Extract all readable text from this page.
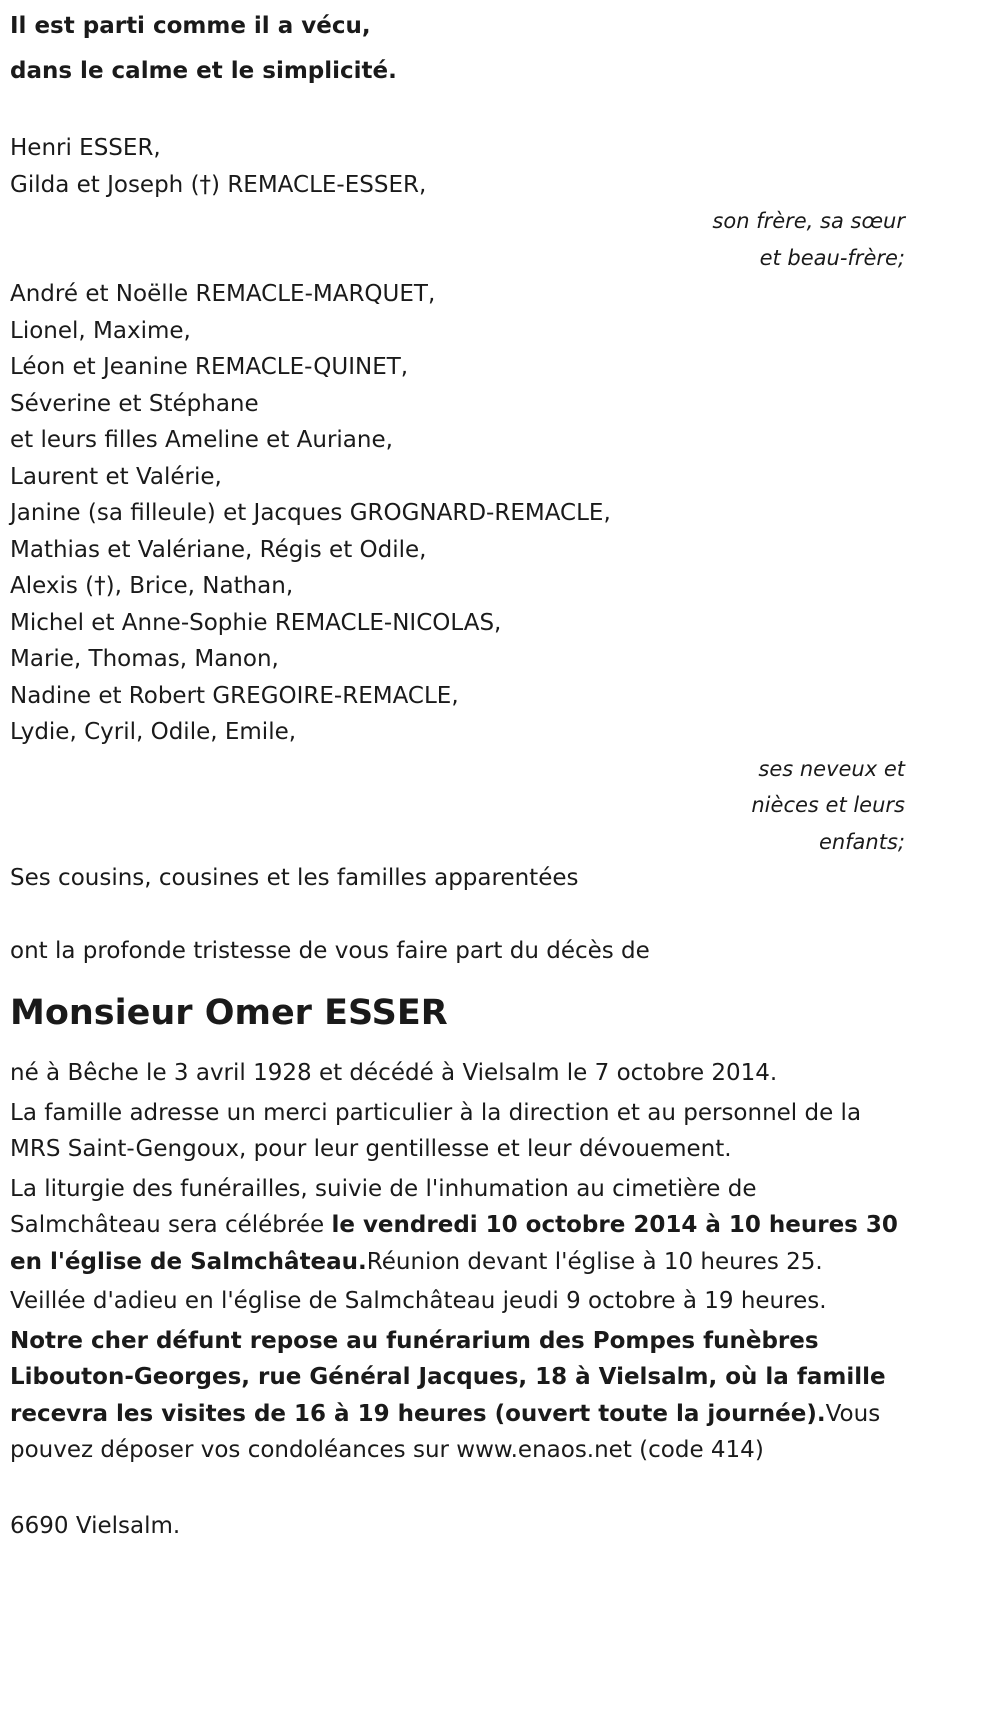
Il est parti comme il a vécu,
dans le calme et le simplicité.
Henri ESSER,
Gilda et Joseph (†) REMACLE-ESSER,
son frère, sa sœur
et beau-frère;
André et Noëlle REMACLE-MARQUET,
Lionel, Maxime,
Léon et Jeanine REMACLE-QUINET,
Séverine et Stéphane
et leurs filles Ameline et Auriane,
Laurent et Valérie,
Janine (sa filleule) et Jacques GROGNARD-REMACLE,
Mathias et Valériane, Régis et Odile,
Alexis (†), Brice, Nathan,
Michel et Anne-Sophie REMACLE-NICOLAS,
Marie, Thomas, Manon,
Nadine et Robert GREGOIRE-REMACLE,
Lydie, Cyril, Odile, Emile,
ses neveux et
nièces et leurs
enfants;
Ses cousins, cousines et les familles apparentées
ont la profonde tristesse de vous faire part du décès de
Monsieur Omer ESSER
né à Bêche le 3 avril 1928 et décédé à Vielsalm le 7 octobre 2014.
La famille adresse un merci particulier à la direction et au personnel de la MRS Saint-Gengoux, pour leur gentillesse et leur dévouement.
La liturgie des funérailles, suivie de l'inhumation au cimetière de Salmchâteau sera célébrée le vendredi 10 octobre 2014 à 10 heures 30 en l'église de Salmchâteau.Réunion devant l'église à 10 heures 25.
Veillée d'adieu en l'église de Salmchâteau jeudi 9 octobre à 19 heures.
Notre cher défunt repose au funérarium des Pompes funèbres Libouton-Georges, rue Général Jacques, 18 à Vielsalm, où la famille recevra les visites de 16 à 19 heures (ouvert toute la journée).Vous pouvez déposer vos condoléances sur www.enaos.net (code 414)
6690 Vielsalm.
